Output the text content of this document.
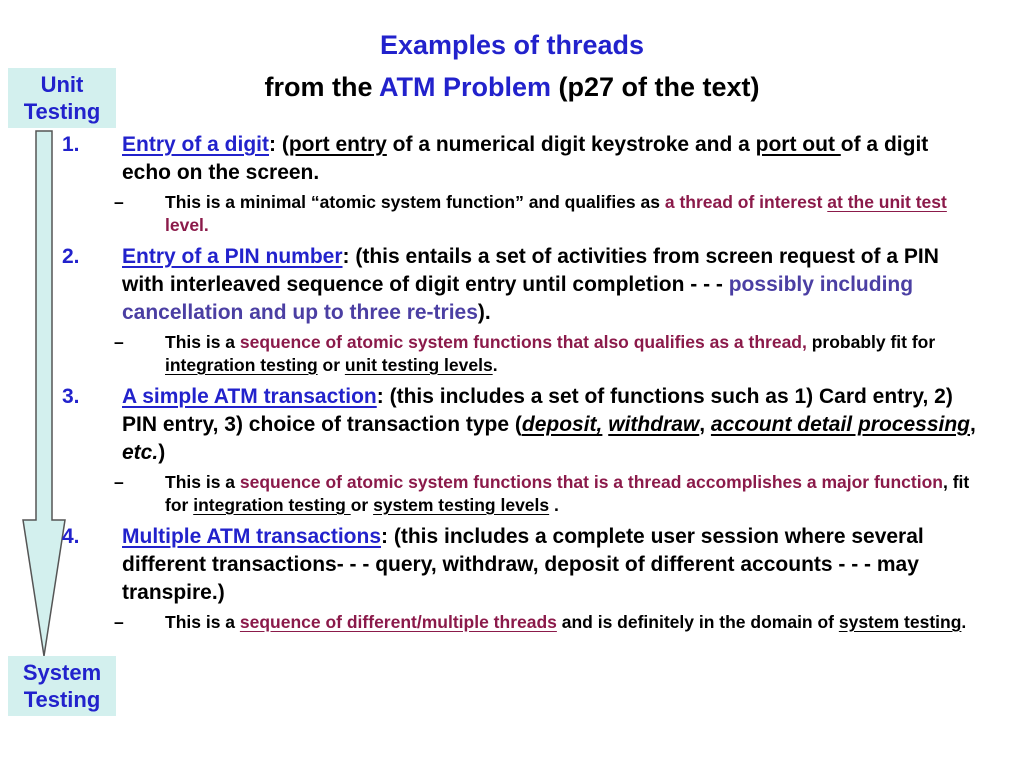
Examples of threads
from the ATM Problem (p27 of the text)
Unit
Testing
System
Testing
1. Entry of a digit: (port entry of a numerical digit keystroke and a port out of a digit echo on the screen.
– This is a minimal “atomic system function” and qualifies as a thread of interest at the unit test level.
2. Entry of a PIN number: (this entails a set of activities from screen request of a PIN with interleaved sequence of digit entry until completion - - - possibly including cancellation and up to three re-tries).
– This is a sequence of atomic system functions that also qualifies as a thread, probably fit for integration testing or unit testing levels.
3. A simple ATM transaction: (this includes a set of functions such as 1) Card entry, 2) PIN entry, 3) choice of transaction type (deposit, withdraw, account detail processing, etc.)
– This is a sequence of atomic system functions that is a thread accomplishes a major function, fit for integration testing or system testing levels .
4. Multiple ATM transactions: (this includes a complete user session where several different transactions- - - query, withdraw, deposit of different accounts - - - may transpire.)
– This is a sequence of different/multiple threads and is definitely in the domain of system testing.
